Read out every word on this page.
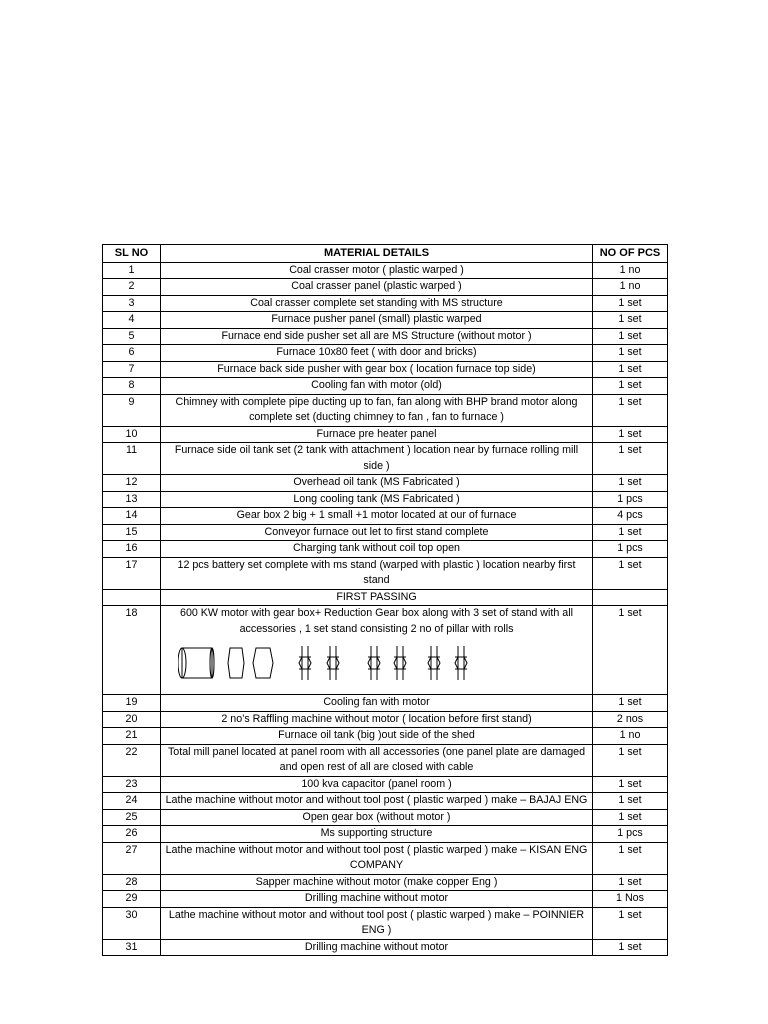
SL NO	MATERIAL DETAILS	NO OF PCS
1	Coal crasser motor ( plastic warped )	1 no
2	Coal crasser panel (plastic warped )	1 no
3	Coal crasser complete set standing with MS structure	1 set
4	Furnace pusher panel (small) plastic warped	1 set
5	Furnace end side pusher set all are MS Structure (without motor )	1 set
6	Furnace 10x80 feet ( with door and bricks)	1 set
7	Furnace back side pusher with gear box ( location furnace top side)	1 set
8	Cooling fan with motor (old)	1 set
9	Chimney with complete pipe ducting up to fan, fan along with BHP brand motor along complete set (ducting chimney to fan , fan to furnace )	1 set
10	Furnace pre heater panel	1 set
11	Furnace side oil tank set (2 tank with attachment ) location near by furnace rolling mill side )	1 set
12	Overhead oil tank (MS Fabricated )	1 set
13	Long cooling tank (MS Fabricated )	1 pcs
14	Gear box 2 big + 1 small +1 motor located at our of furnace	4 pcs
15	Conveyor furnace out let to first stand complete	1 set
16	Charging tank without coil top open	1 pcs
17	12 pcs battery set complete with ms stand (warped with plastic ) location nearby first stand	1 set
	FIRST PASSING	
18	600 KW motor with gear box+ Reduction Gear box along with 3 set of stand with all accessories , 1 set stand consisting 2 no of pillar with rolls	1 set
19	Cooling fan with motor	1 set
20	2 no’s Raffling machine without motor ( location before first stand)	2 nos
21	Furnace oil tank (big )out side of the shed	1 no
22	Total mill panel located at panel room with all accessories (one panel plate are damaged and open rest of all are closed with cable	1 set
23	100 kva capacitor (panel room )	1 set
24	Lathe machine without motor and without tool post ( plastic warped ) make – BAJAJ ENG	1 set
25	Open gear box (without motor )	1 set
26	Ms supporting structure	1 pcs
27	Lathe machine without motor and without tool post ( plastic warped ) make – KISAN ENG COMPANY	1 set
28	Sapper machine without motor (make copper Eng )	1 set
29	Drilling machine without motor	1 Nos
30	Lathe machine without motor and without tool post ( plastic warped ) make – POINNIER ENG )	1 set
31	Drilling machine without motor	1 set
